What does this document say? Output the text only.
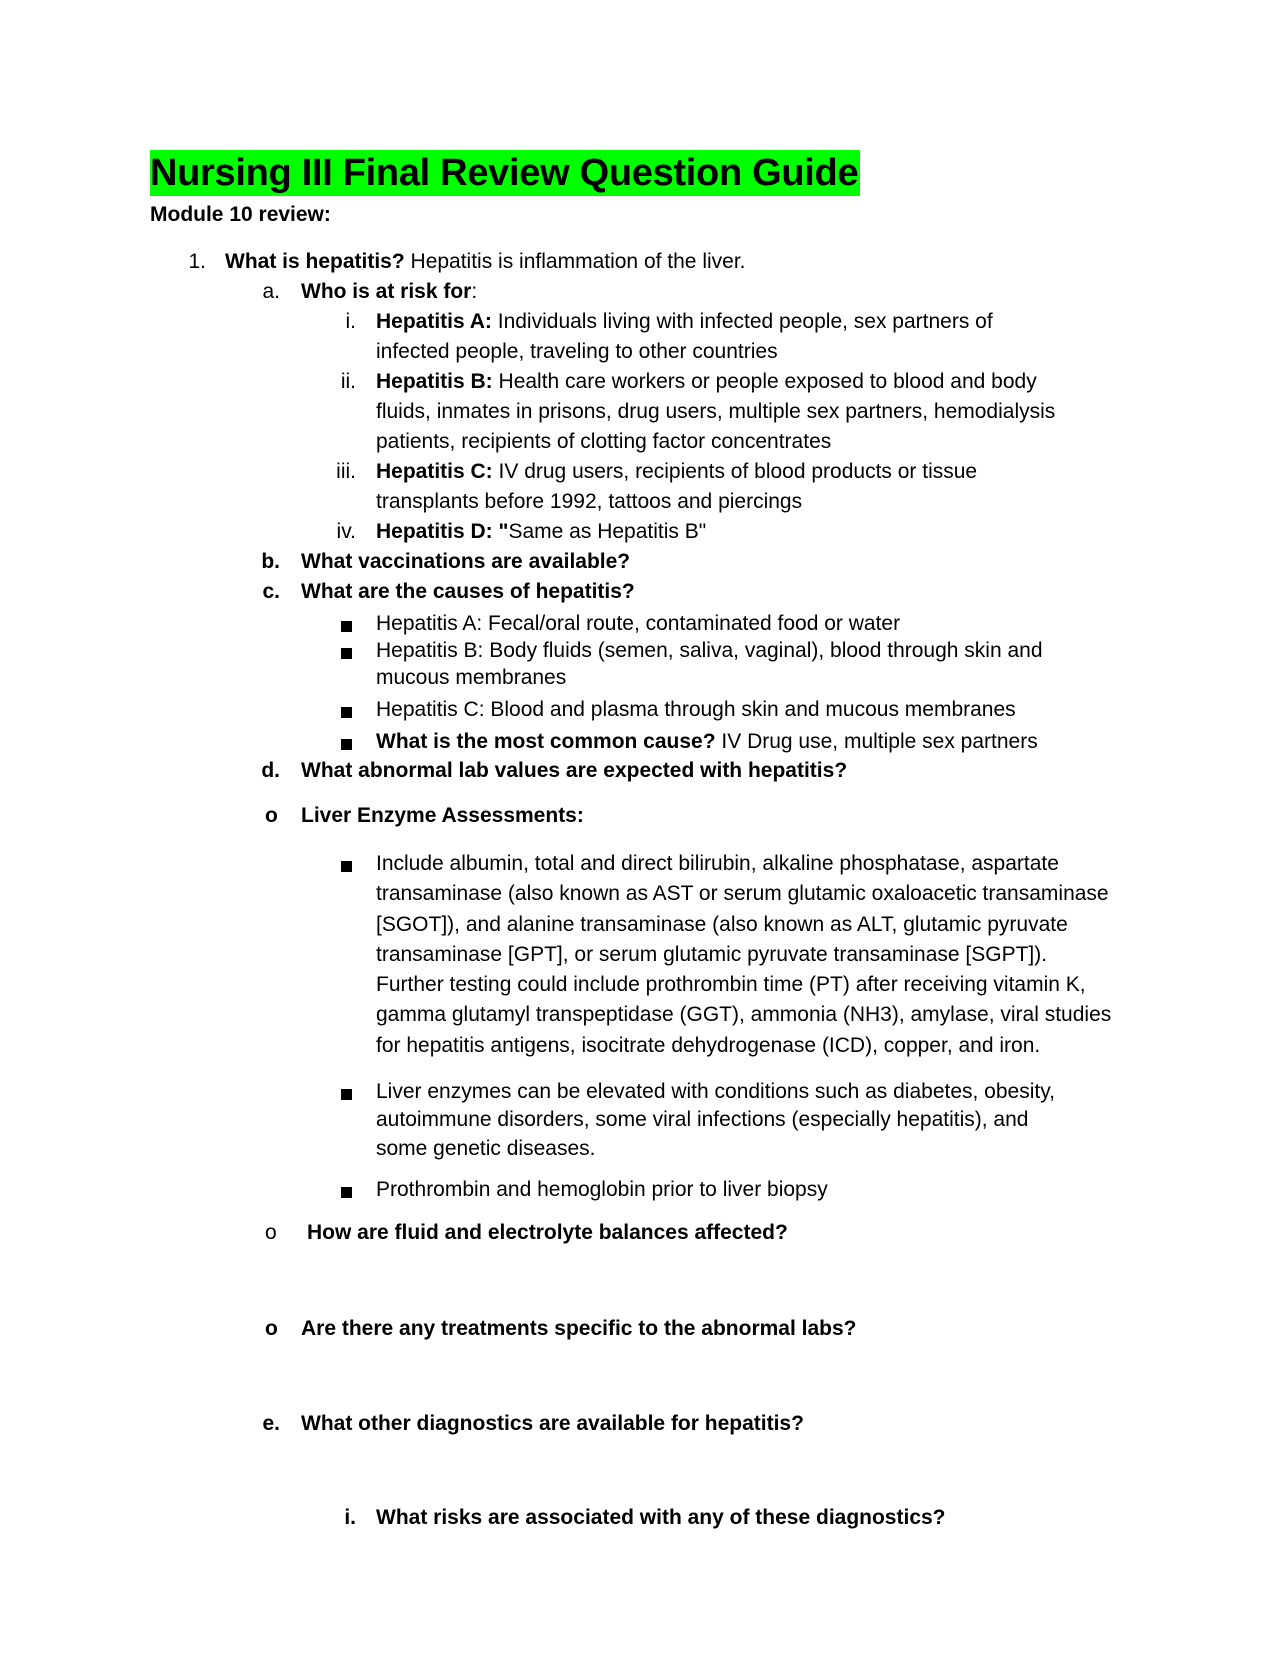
Nursing III Final Review Question Guide
Module 10 review:
1. What is hepatitis? Hepatitis is inflammation of the liver.
a. Who is at risk for:
i. Hepatitis A: Individuals living with infected people, sex partners of
infected people, traveling to other countries
ii. Hepatitis B: Health care workers or people exposed to blood and body
fluids, inmates in prisons, drug users, multiple sex partners, hemodialysis
patients, recipients of clotting factor concentrates
iii. Hepatitis C: IV drug users, recipients of blood products or tissue
transplants before 1992, tattoos and piercings
iv. Hepatitis D: "Same as Hepatitis B"
b. What vaccinations are available?
c. What are the causes of hepatitis?
Hepatitis A: Fecal/oral route, contaminated food or water
Hepatitis B: Body fluids (semen, saliva, vaginal), blood through skin and
mucous membranes
Hepatitis C: Blood and plasma through skin and mucous membranes
What is the most common cause? IV Drug use, multiple sex partners
d. What abnormal lab values are expected with hepatitis?
o Liver Enzyme Assessments:
Include albumin, total and direct bilirubin, alkaline phosphatase, aspartate
transaminase (also known as AST or serum glutamic oxaloacetic transaminase
[SGOT]), and alanine transaminase (also known as ALT, glutamic pyruvate
transaminase [GPT], or serum glutamic pyruvate transaminase [SGPT]).
Further testing could include prothrombin time (PT) after receiving vitamin K,
gamma glutamyl transpeptidase (GGT), ammonia (NH3), amylase, viral studies
for hepatitis antigens, isocitrate dehydrogenase (ICD), copper, and iron.
Liver enzymes can be elevated with conditions such as diabetes, obesity,
autoimmune disorders, some viral infections (especially hepatitis), and
some genetic diseases.
Prothrombin and hemoglobin prior to liver biopsy
o How are fluid and electrolyte balances affected?
o Are there any treatments specific to the abnormal labs?
e. What other diagnostics are available for hepatitis?
i. What risks are associated with any of these diagnostics?
